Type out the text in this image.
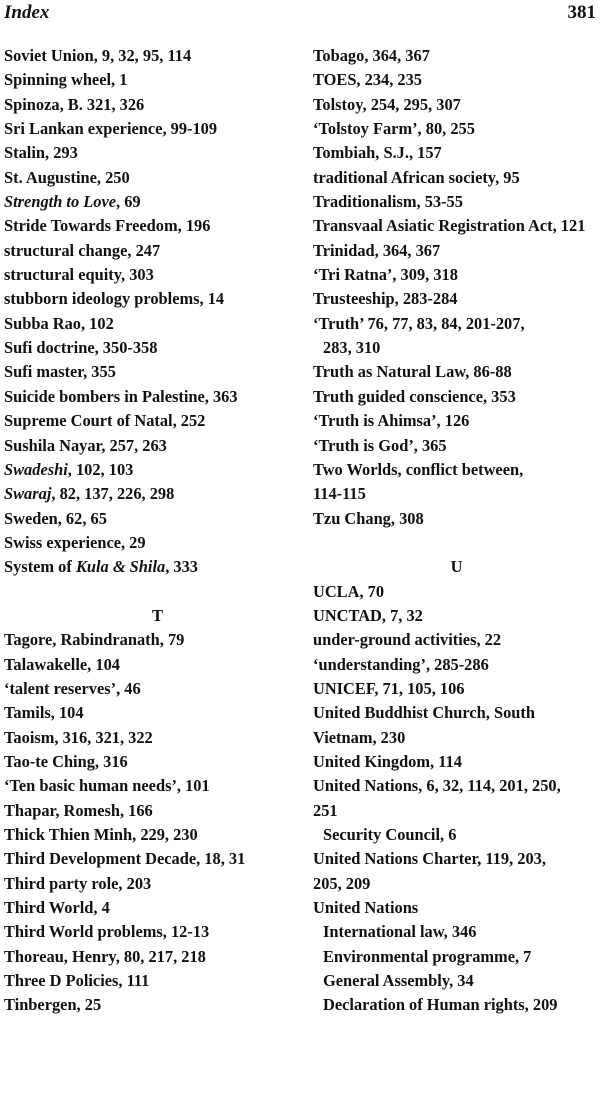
Index	381
Soviet Union, 9, 32, 95, 114
Spinning wheel, 1
Spinoza, B. 321, 326
Sri Lankan experience, 99-109
Stalin, 293
St. Augustine, 250
Strength to Love, 69
Stride Towards Freedom, 196
structural change, 247
structural equity, 303
stubborn ideology problems, 14
Subba Rao, 102
Sufi doctrine, 350-358
Sufi master, 355
Suicide bombers in Palestine, 363
Supreme Court of Natal, 252
Sushila Nayar, 257, 263
Swadeshi, 102, 103
Swaraj, 82, 137, 226, 298
Sweden, 62, 65
Swiss experience, 29
System of Kula & Shila, 333
T
Tagore, Rabindranath, 79
Talawakelle, 104
‘talent reserves’, 46
Tamils, 104
Taoism, 316, 321, 322
Tao-te Ching, 316
‘Ten basic human needs’, 101
Thapar, Romesh, 166
Thick Thien Minh, 229, 230
Third Development Decade, 18, 31
Third party role, 203
Third World, 4
Third World problems, 12-13
Thoreau, Henry, 80, 217, 218
Three D Policies, 111
Tinbergen, 25
Tobago, 364, 367
TOES, 234, 235
Tolstoy, 254, 295, 307
‘Tolstoy Farm’, 80, 255
Tombiah, S.J., 157
traditional African society, 95
Traditionalism, 53-55
Transvaal Asiatic Registration Act, 121
Trinidad, 364, 367
‘Tri Ratna’, 309, 318
Trusteeship, 283-284
‘Truth’ 76, 77, 83, 84, 201-207,
283, 310
Truth as Natural Law, 86-88
Truth guided conscience, 353
‘Truth is Ahimsa’, 126
‘Truth is God’, 365
Two Worlds, conflict between,
114-115
Tzu Chang, 308
U
UCLA, 70
UNCTAD, 7, 32
under-ground activities, 22
‘understanding’, 285-286
UNICEF, 71, 105, 106
United Buddhist Church, South
Vietnam, 230
United Kingdom, 114
United Nations, 6, 32, 114, 201, 250,
251
Security Council, 6
United Nations Charter, 119, 203,
205, 209
United Nations
International law, 346
Environmental programme, 7
General Assembly, 34
Declaration of Human rights, 209
